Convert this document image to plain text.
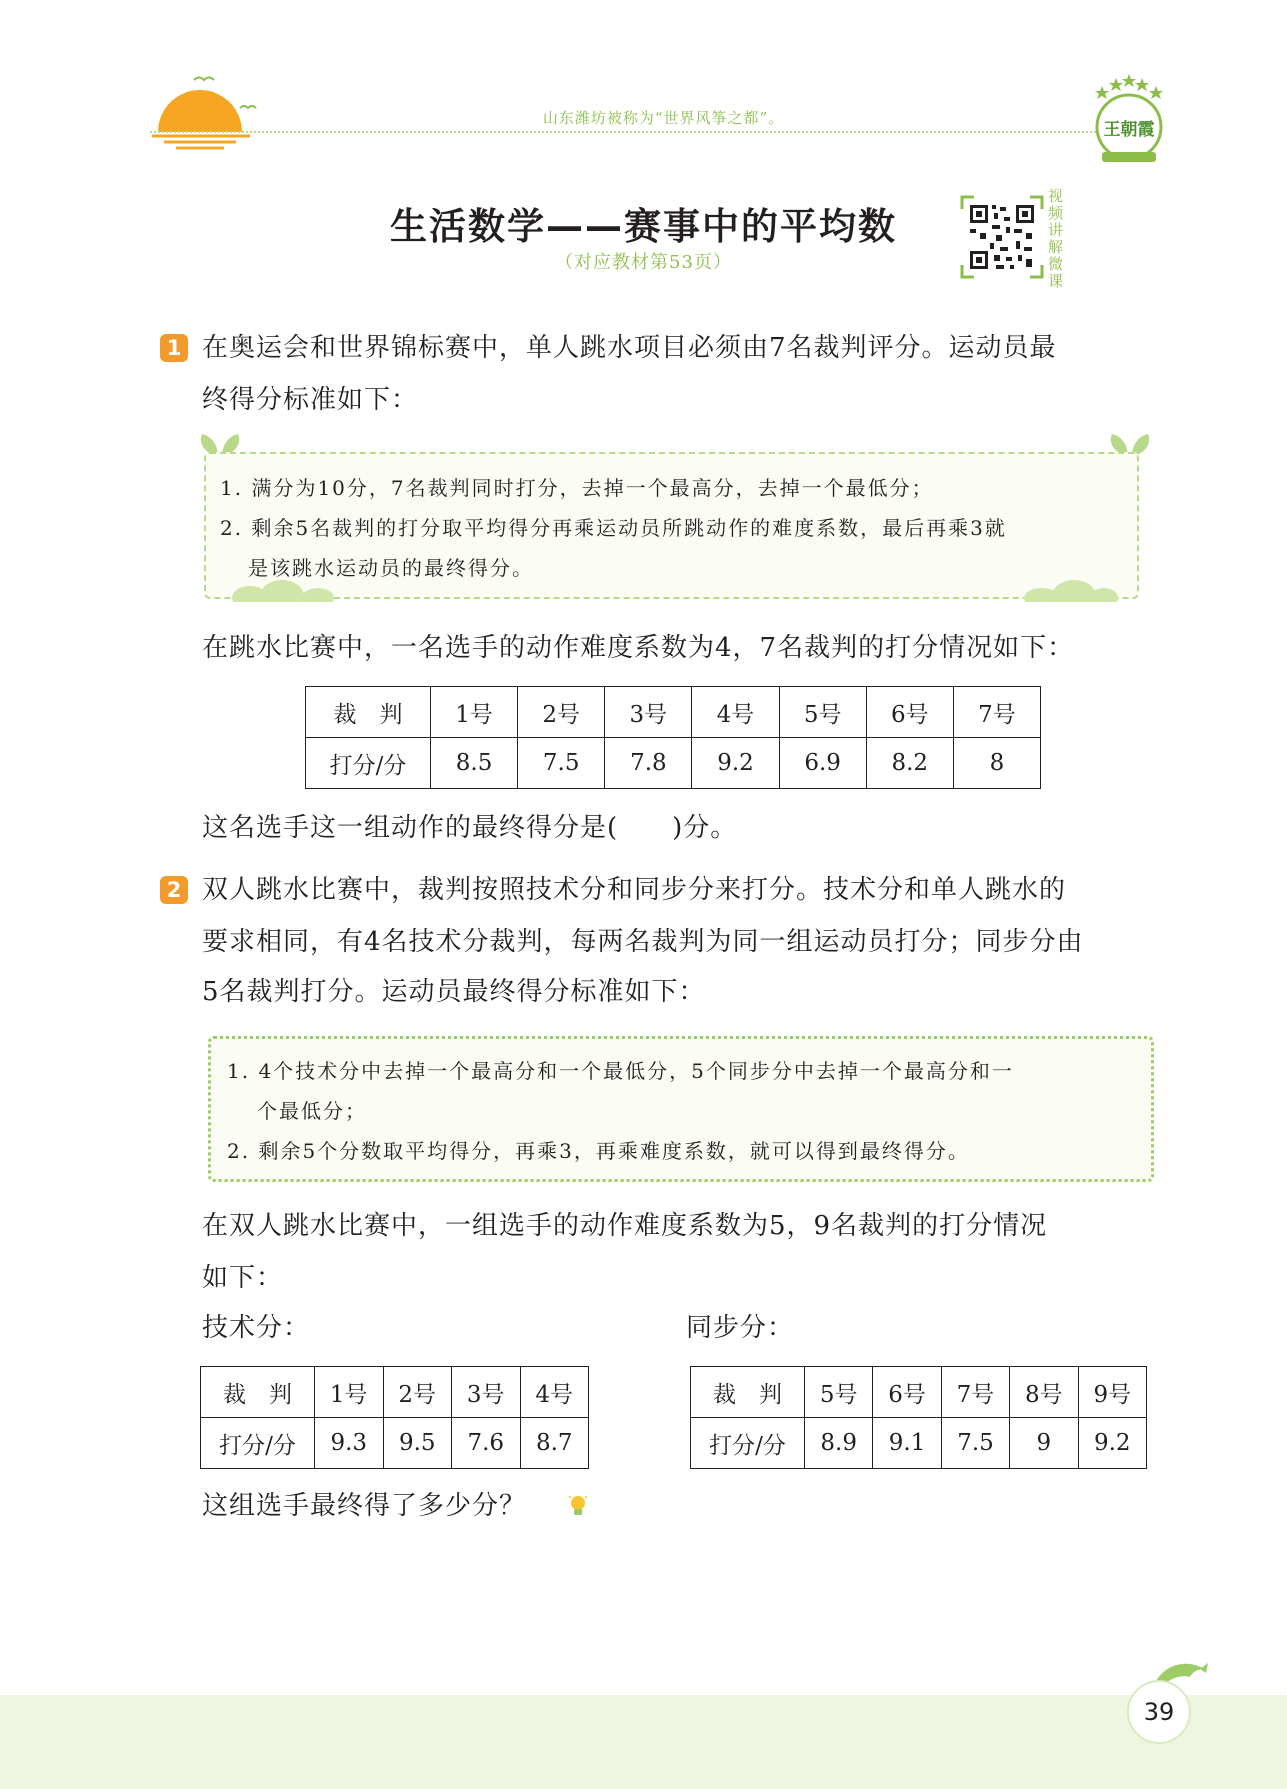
山东潍坊被称为“世界风筝之都”。
王朝霞
生活数学——赛事中的平均数
（对应教材第53页）
视频讲解微课
1 在奥运会和世界锦标赛中，单人跳水项目必须由7名裁判评分。运动员最
终得分标准如下：
1. 满分为10分，7名裁判同时打分，去掉一个最高分，去掉一个最低分；
2. 剩余5名裁判的打分取平均得分再乘运动员所跳动作的难度系数，最后再乘3就
是该跳水运动员的最终得分。
在跳水比赛中，一名选手的动作难度系数为4，7名裁判的打分情况如下：
裁　判	1号	2号	3号	4号	5号	6号	7号
打分/分	8.5	7.5	7.8	9.2	6.9	8.2	8
这名选手这一组动作的最终得分是(　　)分。
2 双人跳水比赛中，裁判按照技术分和同步分来打分。技术分和单人跳水的
要求相同，有4名技术分裁判，每两名裁判为同一组运动员打分；同步分由
5名裁判打分。运动员最终得分标准如下：
1. 4个技术分中去掉一个最高分和一个最低分，5个同步分中去掉一个最高分和一
个最低分；
2. 剩余5个分数取平均得分，再乘3，再乘难度系数，就可以得到最终得分。
在双人跳水比赛中，一组选手的动作难度系数为5，9名裁判的打分情况
如下：
技术分：	同步分：
裁　判	1号	2号	3号	4号
打分/分	9.3	9.5	7.6	8.7
裁　判	5号	6号	7号	8号	9号
打分/分	8.9	9.1	7.5	9	9.2
这组选手最终得了多少分？
39
